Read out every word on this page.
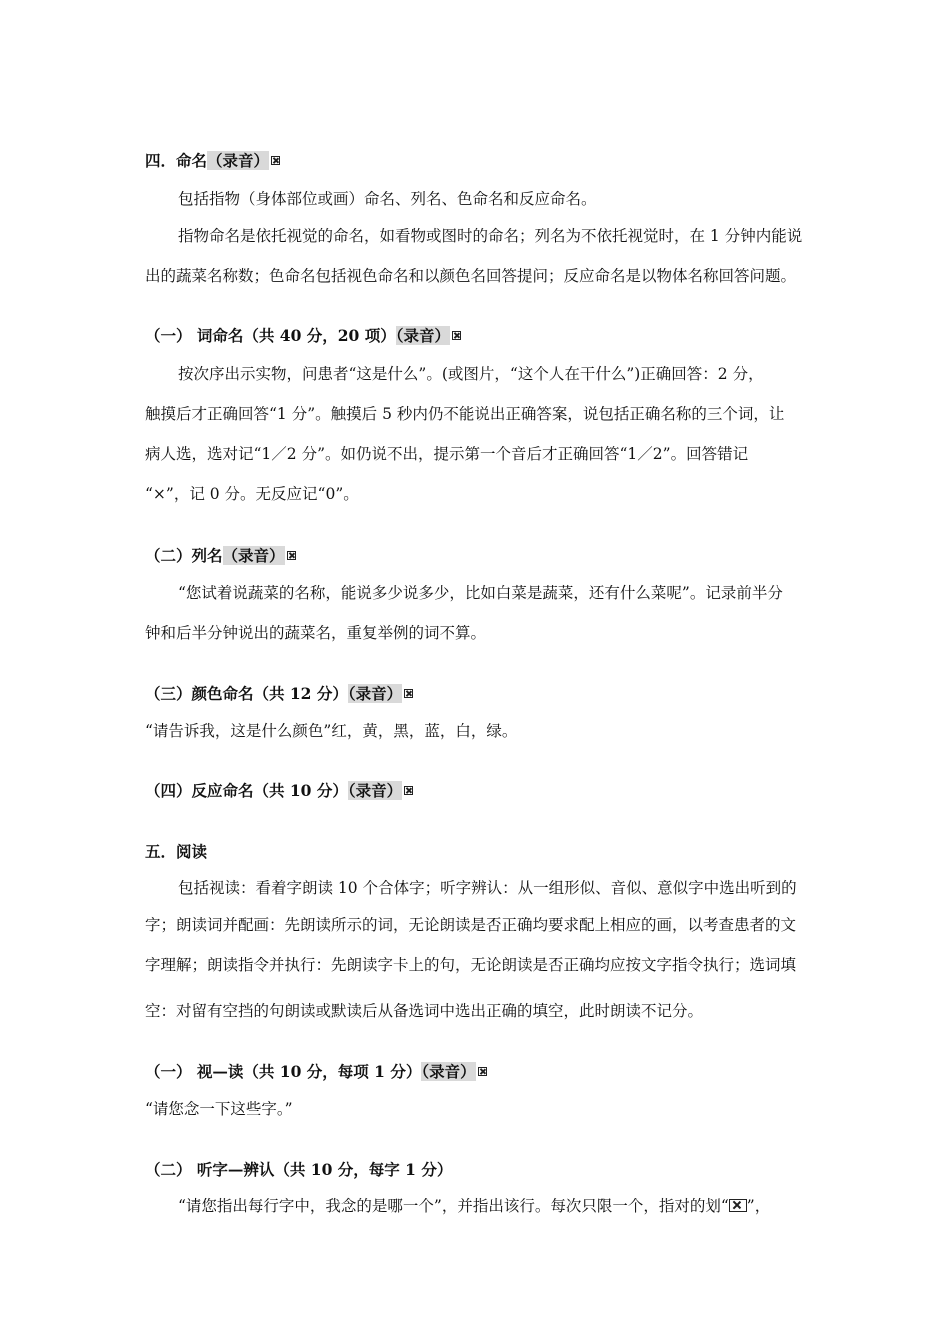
四．命名（录音）
包括指物（身体部位或画）命名、列名、色命名和反应命名。
指物命名是依托视觉的命名，如看物或图时的命名；列名为不依托视觉时，在 1 分钟内能说
出的蔬菜名称数；色命名包括视色命名和以颜色名回答提问；反应命名是以物体名称回答问题。
（一） 词命名（共 40 分，20 项）（录音）
按次序出示实物，问患者“这是什么”。(或图片，“这个人在干什么”)正确回答：2 分，
触摸后才正确回答“1 分”。触摸后 5 秒内仍不能说出正确答案，说包括正确名称的三个词，让
病人选，选对记“1／2 分”。如仍说不出，提示第一个音后才正确回答“1／2”。回答错记
“×”，记 0 分。无反应记“0”。
（二）列名（录音）
“您试着说蔬菜的名称，能说多少说多少，比如白菜是蔬菜，还有什么菜呢”。记录前半分
钟和后半分钟说出的蔬菜名，重复举例的词不算。
（三）颜色命名（共 12 分）（录音）
“请告诉我，这是什么颜色”红，黄，黑，蓝，白，绿。
（四）反应命名（共 10 分）（录音）
五．阅读
包括视读：看着字朗读 10 个合体字；听字辨认：从一组形似、音似、意似字中选出听到的
字；朗读词并配画：先朗读所示的词，无论朗读是否正确均要求配上相应的画，以考查患者的文
字理解；朗读指令并执行：先朗读字卡上的句，无论朗读是否正确均应按文字指令执行；选词填
空：对留有空挡的句朗读或默读后从备选词中选出正确的填空，此时朗读不记分。
（一） 视—读（共 10 分，每项 1 分）（录音）
“请您念一下这些字。”
（二） 听字—辨认（共 10 分，每字 1 分）
“请您指出每行字中，我念的是哪一个”，并指出该行。每次只限一个，指对的划“☒”，
